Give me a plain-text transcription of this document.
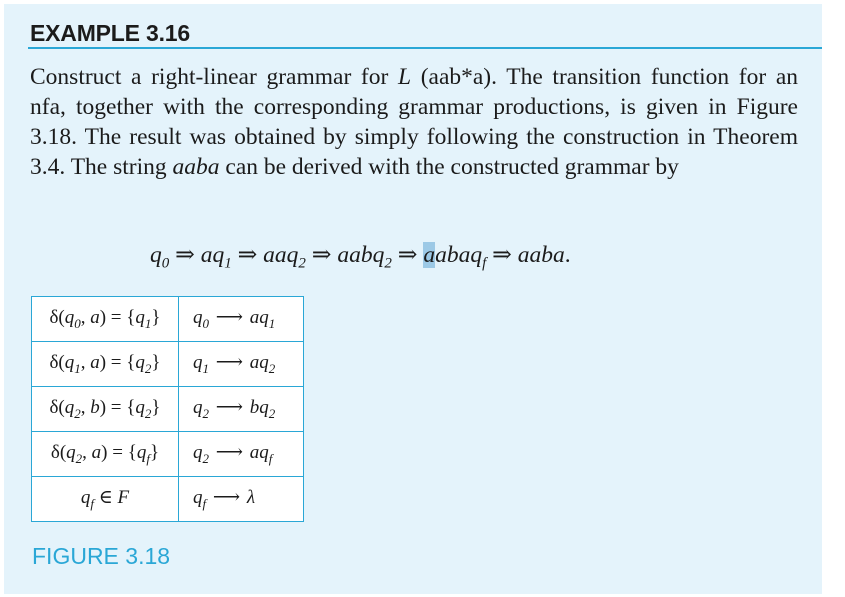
EXAMPLE 3.16
Construct a right-linear grammar for L (aab*a). The transition function for an nfa, together with the corresponding grammar productions, is given in Figure 3.18. The result was obtained by simply following the construction in Theorem 3.4. The string aaba can be derived with the constructed grammar by
$q_0$ ⇒ $aq_1$ ⇒ aaq$_2$ ⇒ aabq$_2$ ⇒ aabaq$_f$ ⇒ aaba.
$\delta(q_0$, $a) = \{q_1\}$	$q_0$ ⟶ $aq_1$
$\delta(q_1$, $a) = \{q_2\}$	$q_1$ ⟶ $aq_2$
$\delta(q_2$, $b) = \{q_2\}$	$q_2$ ⟶ $bq_2$
$\delta(q_2$, $a) = \{q_f\}$	$q_2$ ⟶ $aq_f$
$q_f$ ∈ F	$q_f$ ⟶ λ
FIGURE 3.18
